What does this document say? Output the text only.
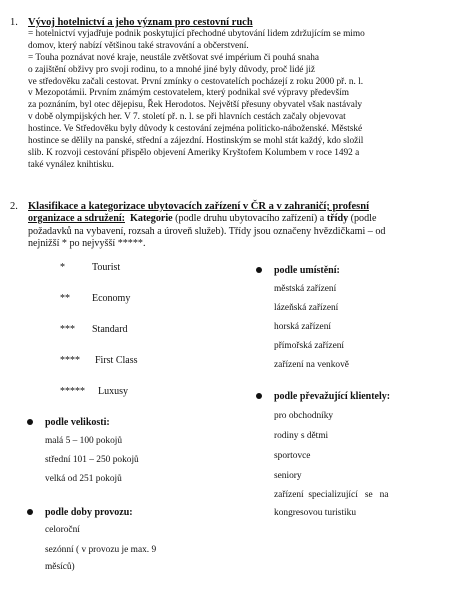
1. Vývoj hotelnictví a jeho význam pro cestovní ruch
= hotelnictví vyjadřuje podnik poskytující přechodné ubytování lidem zdržujícím se mimo
domov, který nabízí většinou také stravování a občerstvení.
= Touha poznávat nové kraje, neustále zvětšovat své impérium či pouhá snaha
o zajištění obživy pro svoji rodinu, to a mnohé jiné byly důvody, proč lidé již
ve středověku začali cestovat. První zmínky o cestovatelích pocházejí z roku 2000 př. n. l.
v Mezopotámii. Prvním známým cestovatelem, který podnikal své výpravy především
za poznáním, byl otec dějepisu, Řek Herodotos. Největší přesuny obyvatel však nastávaly
v době olympijských her. V 7. století př. n. l. se při hlavních cestách začaly objevovat
hostince. Ve Středověku byly důvody k cestování zejména politicko-náboženské. Městské
hostince se dělily na panské, střední a zájezdní. Hostinským se mohl stát každý, kdo složil
slib. K rozvoji cestování přispělo objevení Ameriky Kryštofem Kolumbem v roce 1492 a
také vynález knihtisku.
2. Klasifikace a kategorizace ubytovacích zařízení v ČR a v zahraničí; profesní
organizace a sdružení: Kategorie (podle druhu ubytovacího zařízení) a třídy (podle
požadavků na vybavení, rozsah a úroveň služeb). Třídy jsou označeny hvězdičkami – od
nejnižší * po nejvyšší *****.
*	Tourist
** Economy
*** Standard
**** First Class
***** Luxusy
podle velikosti:
malá 5 – 100 pokojů
střední 101 – 250 pokojů
velká od 251 pokojů
podle doby provozu:
celoroční
sezónní ( v provozu je max. 9
měsíců)
podle umístění:
městská zařízení
lázeňská zařízení
horská zařízení
přímořská zařízení
zařízení na venkově
podle převažující klientely:
pro obchodníky
rodiny s dětmi
sportovce
seniory
zařízení  specializující   se   na
kongresovou turistiku
